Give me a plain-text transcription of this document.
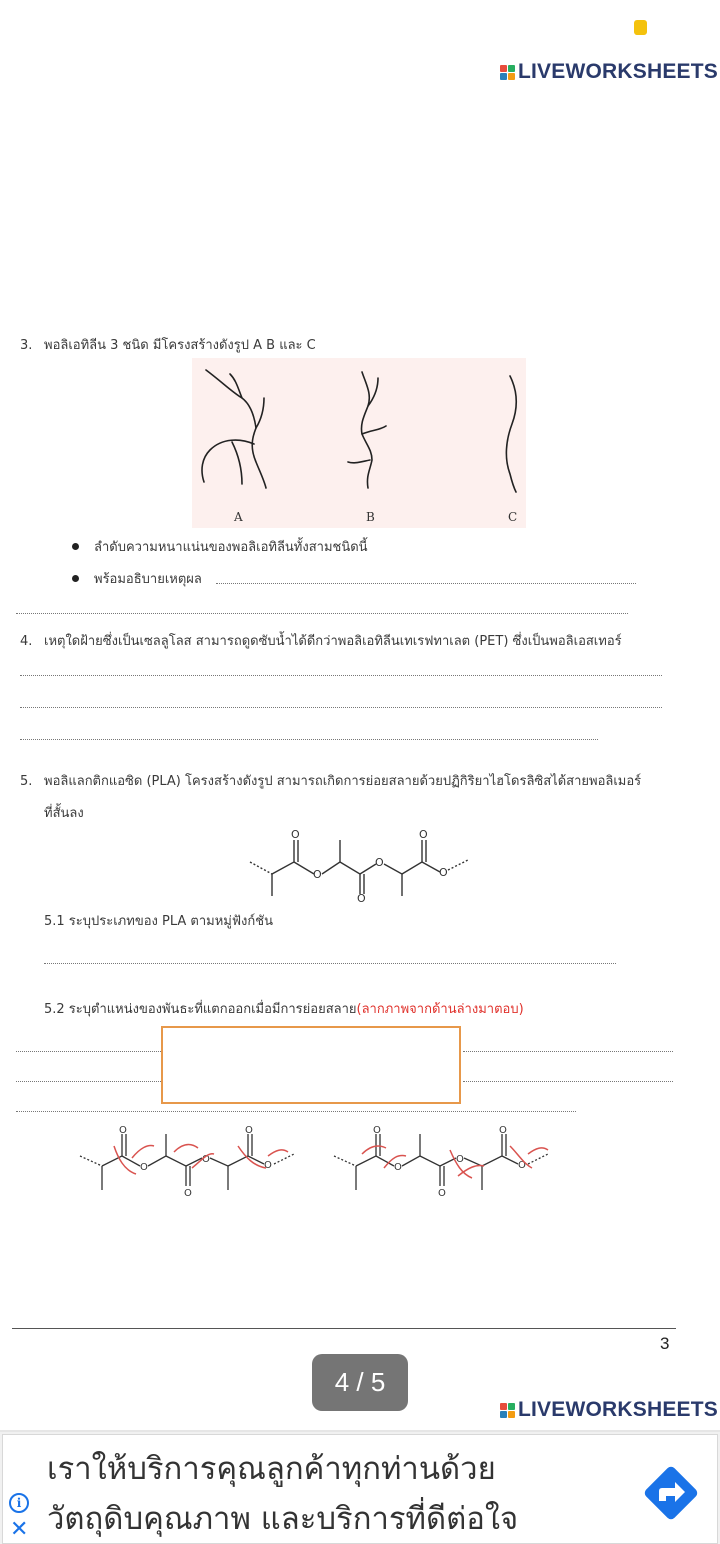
LIVEWORKSHEETS
3. พอลิเอทิลีน 3 ชนิด มีโครงสร้างดังรูป A B และ C
A	B	C
ลำดับความหนาแน่นของพอลิเอทิลีนทั้งสามชนิดนี้
พร้อมอธิบายเหตุผล
4. เหตุใดฝ้ายซึ่งเป็นเซลลูโลส สามารถดูดซับน้ำได้ดีกว่าพอลิเอทิลีนเทเรฟทาเลต (PET) ซึ่งเป็นพอลิเอสเทอร์
5. พอลิแลกติกแอซิด (PLA) โครงสร้างดังรูป สามารถเกิดการย่อยสลายด้วยปฏิกิริยาไฮโดรลิซิสได้สายพอลิเมอร์
ที่สั้นลง
O
O
O
O
O
O
5.1 ระบุประเภทของ PLA ตามหมู่ฟังก์ชัน
5.2 ระบุตำแหน่งของพันธะที่แตกออกเมื่อมีการย่อยสลาย(ลากภาพจากด้านล่างมาตอบ)
O
O
O
O
O
O
O
O
O
O
O
O
3
4 / 5
LIVEWORKSHEETS
เราให้บริการคุณลูกค้าทุกท่านด้วย
วัตถุดิบคุณภาพ และบริการที่ดีต่อใจ
i
✕
